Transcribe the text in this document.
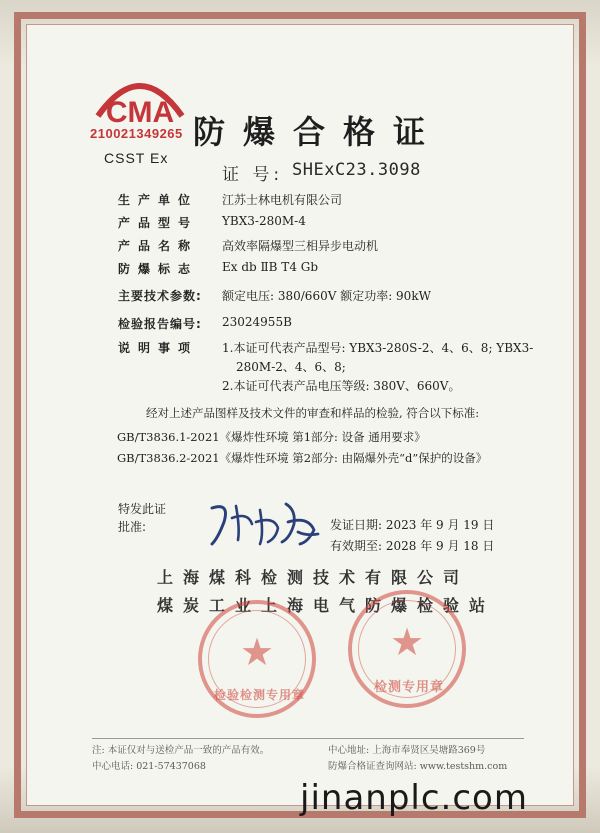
CMA
210021349265
CSST Ex
防爆合格证
证 号: SHExC23.3098
生产单位 江苏士林电机有限公司
产品型号 YBX3-280M-4
产品名称 高效率隔爆型三相异步电动机
防爆标志 Ex db ⅡB T4 Gb
主要技术参数: 额定电压: 380/660V 额定功率: 90kW
检验报告编号: 23024955B
说明事项 1.本证可代表产品型号: YBX3-280S-2、4、6、8; YBX3-
280M-2、4、6、8;
2.本证可代表产品电压等级: 380V、660V。
经对上述产品图样及技术文件的审查和样品的检验, 符合以下标准:
GB/T3836.1-2021《爆炸性环境 第1部分: 设备 通用要求》
GB/T3836.2-2021《爆炸性环境 第2部分: 由隔爆外壳“d”保护的设备》
特发此证
批准:	发证日期: 2023 年 9 月 19 日
有效期至: 2028 年 9 月 18 日
上海煤科检测技术有限公司
煤炭工业上海电气防爆检验站
★
检验检测专用章
★
检测专用章
注: 本证仅对与送检产品一致的产品有效。
中心电话: 021-57437068
中心地址: 上海市奉贤区吴塘路369号
防爆合格证查询网站: www.testshm.com
jinanplc.com
